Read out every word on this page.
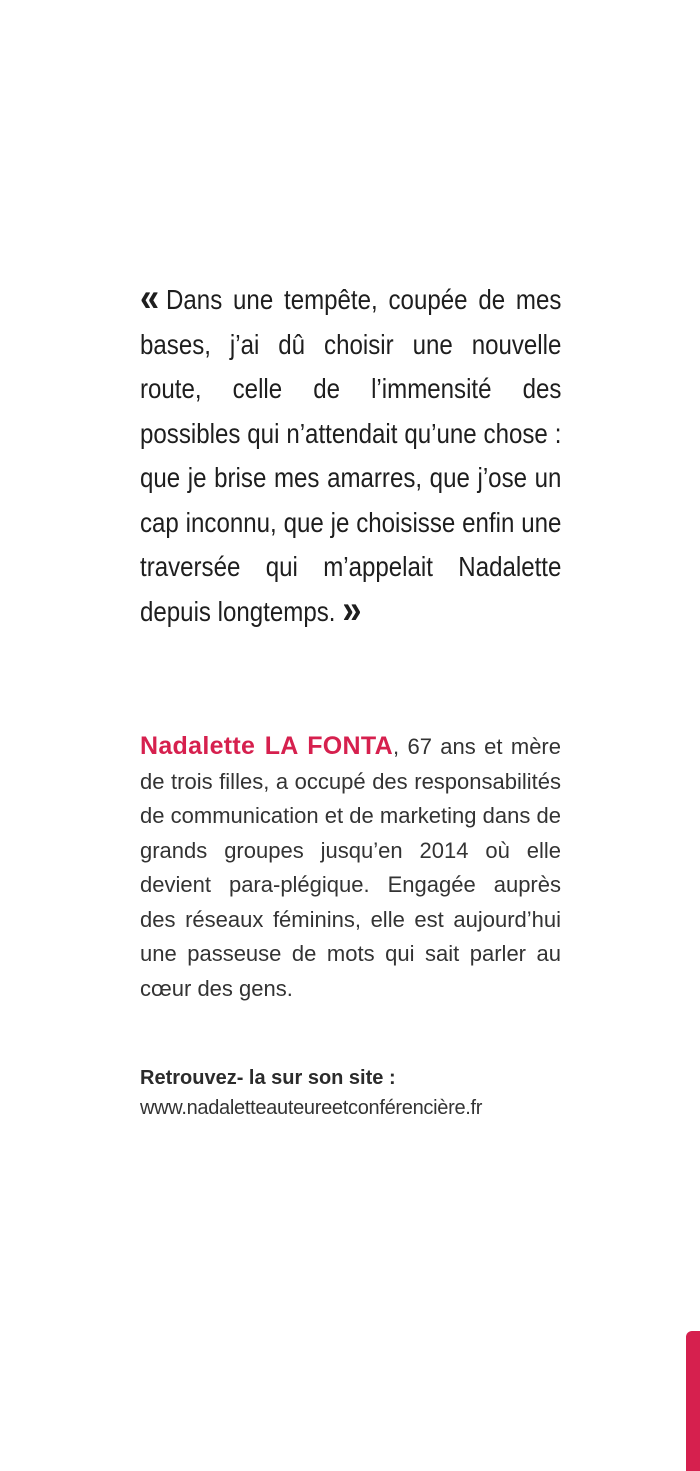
« Dans une tempête, coupée de mes bases, j’ai dû choisir une nouvelle route, celle de l’immensité des possibles qui n’attendait qu’une chose : que je brise mes amarres, que j’ose un cap inconnu, que je choisisse enfin une traversée qui m’appelait Nadalette depuis longtemps. »
Nadalette LA FONTA, 67 ans et mère de trois filles, a occupé des responsabilités de communication et de marketing dans de grands groupes jusqu’en 2014 où elle devient para-plégique. Engagée auprès des réseaux féminins, elle est aujourd’hui une passeuse de mots qui sait parler au cœur des gens.
Retrouvez- la sur son site :
www.nadaletteauteureetconférencière.fr
